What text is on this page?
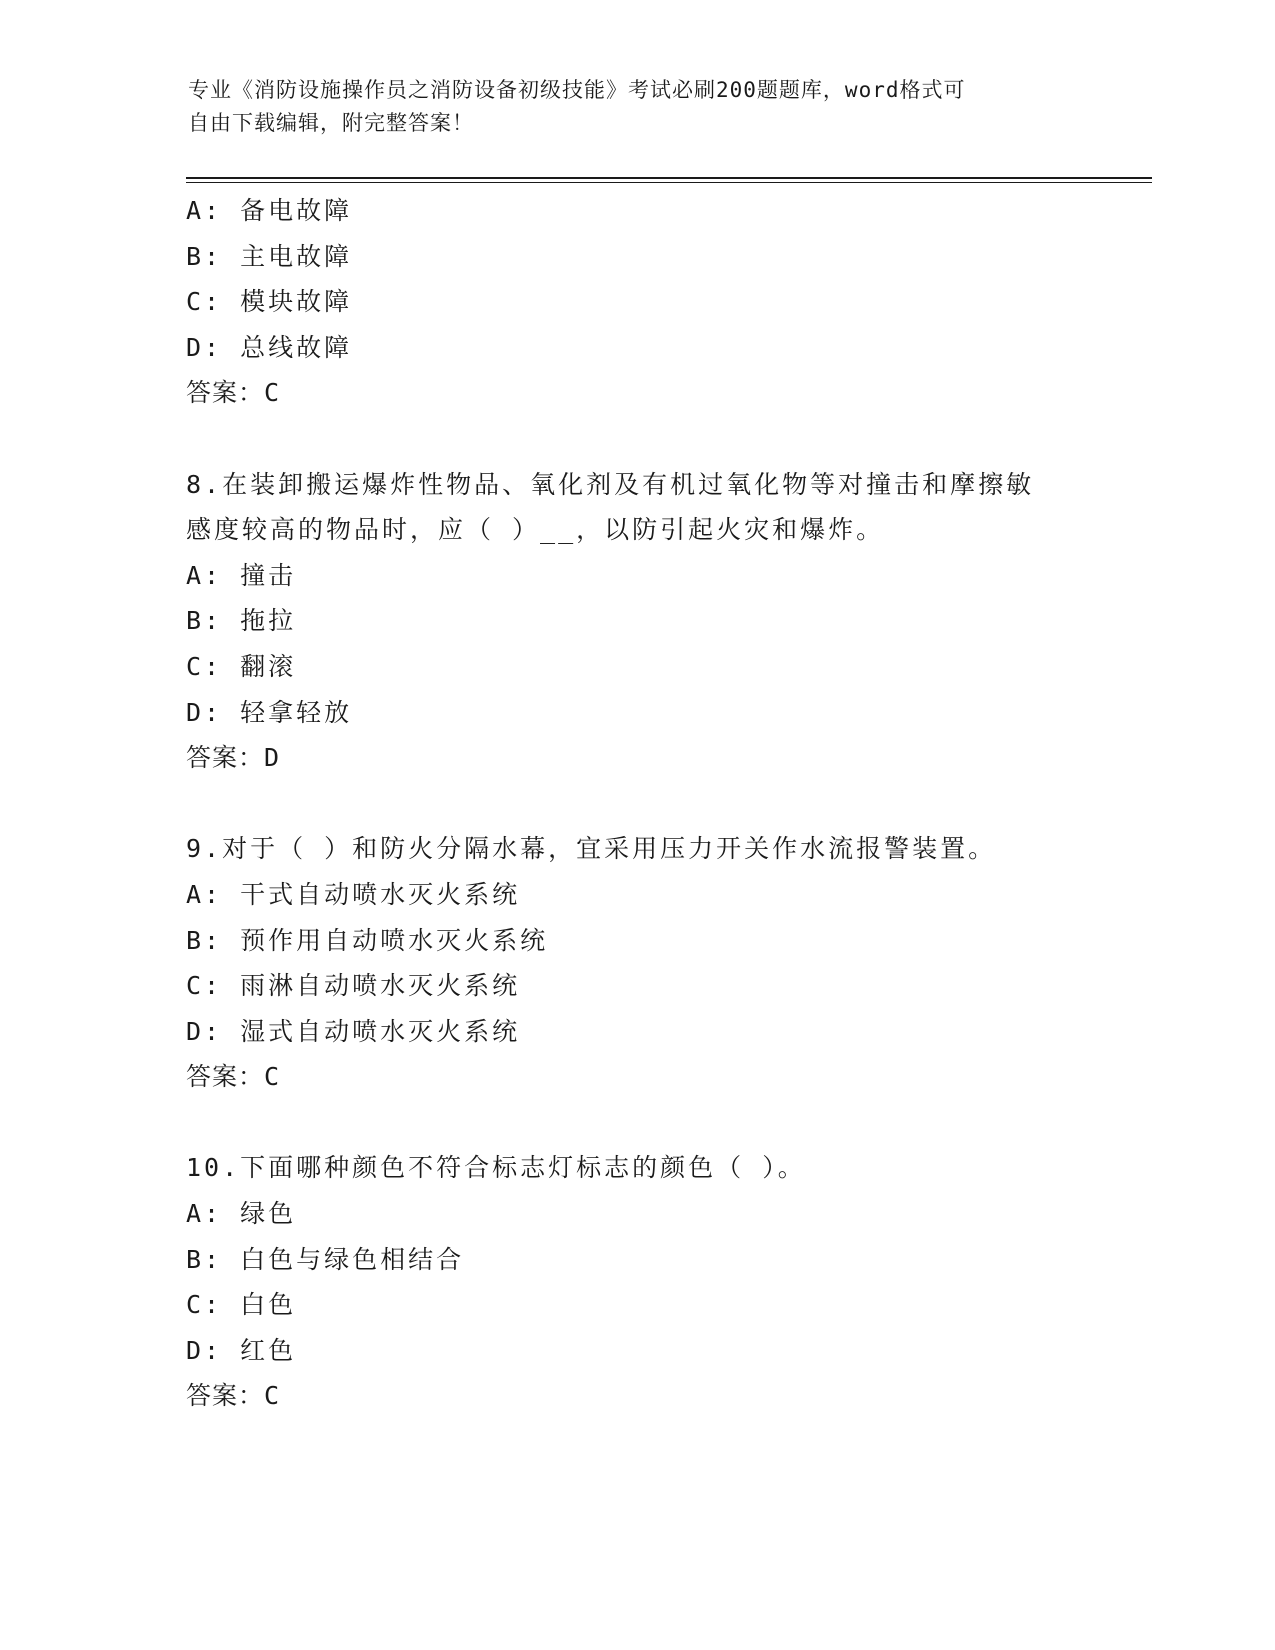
专业《消防设施操作员之消防设备初级技能》考试必刷200题题库，word格式可
自由下载编辑，附完整答案！
A: 备电故障
B: 主电故障
C: 模块故障
D: 总线故障
答案：C
8.在装卸搬运爆炸性物品、氧化剂及有机过氧化物等对撞击和摩擦敏
感度较高的物品时，应（ ）__，以防引起火灾和爆炸。
A: 撞击
B: 拖拉
C: 翻滚
D: 轻拿轻放
答案：D
9.对于（ ）和防火分隔水幕，宜采用压力开关作水流报警装置。
A: 干式自动喷水灭火系统
B: 预作用自动喷水灭火系统
C: 雨淋自动喷水灭火系统
D: 湿式自动喷水灭火系统
答案：C
10.下面哪种颜色不符合标志灯标志的颜色（ ）。
A: 绿色
B: 白色与绿色相结合
C: 白色
D: 红色
答案：C
